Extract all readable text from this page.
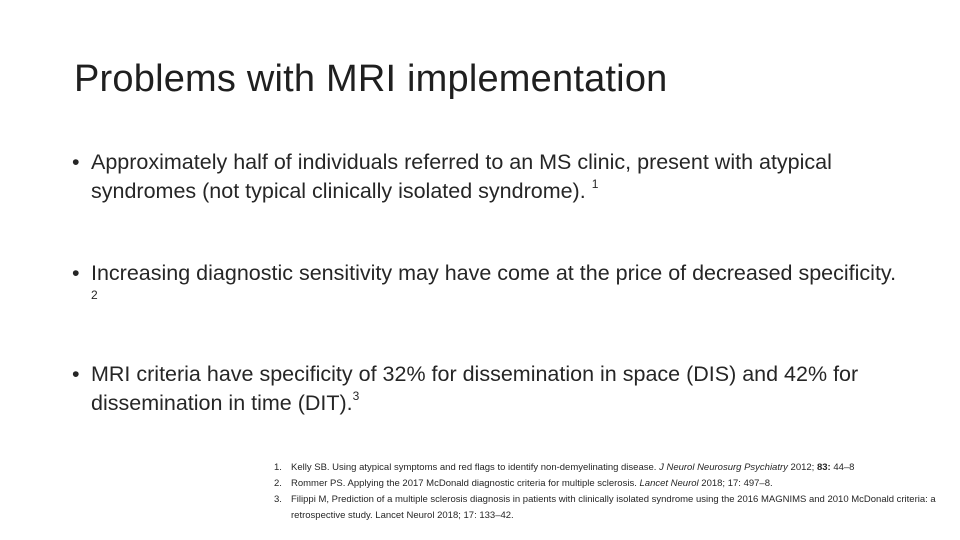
Problems with MRI implementation
• Approximately half of individuals referred to an MS clinic, present with atypical syndromes (not typical clinically isolated syndrome). $^1$
• Increasing diagnostic sensitivity may have come at the price of decreased specificity. $^2$
• MRI criteria have specificity of 32% for dissemination in space (DIS) and 42% for dissemination in time (DIT).$^3$
1. Kelly SB. Using atypical symptoms and red flags to identify non-demyelinating disease. J Neurol Neurosurg Psychiatry 2012; 83: 44–8
2. Rommer PS. Applying the 2017 McDonald diagnostic criteria for multiple sclerosis. Lancet Neurol 2018; 17: 497–8.
3. Filippi M, Prediction of a multiple sclerosis diagnosis in patients with clinically isolated syndrome using the 2016 MAGNIMS and 2010 McDonald criteria: a retrospective study. Lancet Neurol 2018; 17: 133–42.
